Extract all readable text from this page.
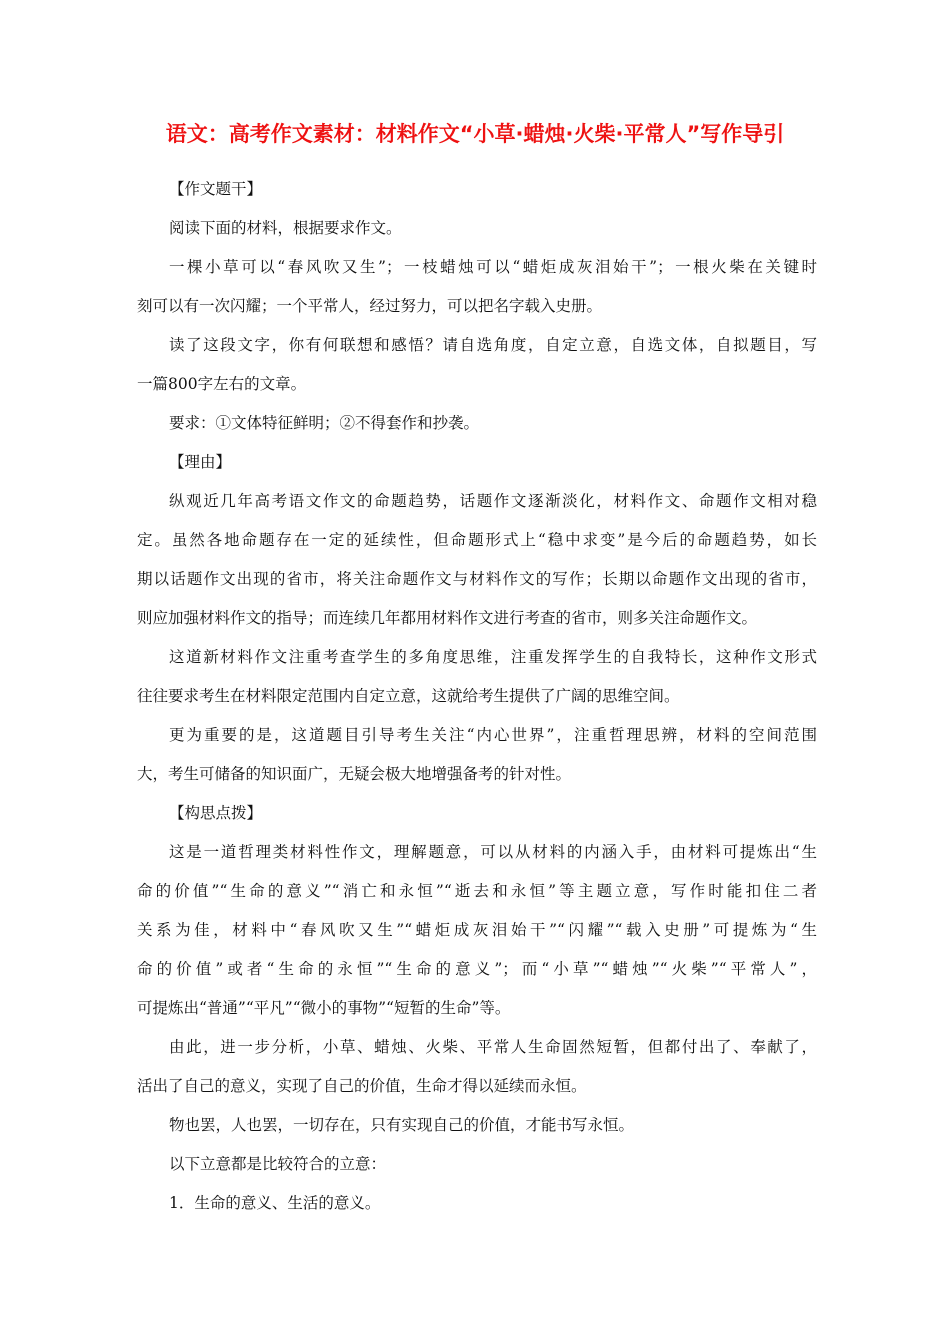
语文：高考作文素材：材料作文“小草·蜡烛·火柴·平常人”写作导引
【作文题干】
阅读下面的材料，根据要求作文。
一棵小草可以“春风吹又生”；一枝蜡烛可以“蜡炬成灰泪始干”；一根火柴在关键时
刻可以有一次闪耀；一个平常人，经过努力，可以把名字载入史册。
读了这段文字，你有何联想和感悟？请自选角度，自定立意，自选文体，自拟题目，写
一篇800字左右的文章。
要求：①文体特征鲜明；②不得套作和抄袭。
【理由】
纵观近几年高考语文作文的命题趋势，话题作文逐渐淡化，材料作文、命题作文相对稳
定。虽然各地命题存在一定的延续性，但命题形式上“稳中求变”是今后的命题趋势，如长
期以话题作文出现的省市，将关注命题作文与材料作文的写作；长期以命题作文出现的省市，
则应加强材料作文的指导；而连续几年都用材料作文进行考查的省市，则多关注命题作文。
这道新材料作文注重考查学生的多角度思维，注重发挥学生的自我特长，这种作文形式
往往要求考生在材料限定范围内自定立意，这就给考生提供了广阔的思维空间。
更为重要的是，这道题目引导考生关注“内心世界”，注重哲理思辨，材料的空间范围
大，考生可储备的知识面广，无疑会极大地增强备考的针对性。
【构思点拨】
这是一道哲理类材料性作文，理解题意，可以从材料的内涵入手，由材料可提炼出“生
命的价值”“生命的意义”“消亡和永恒”“逝去和永恒”等主题立意，写作时能扣住二者
关系为佳，材料中“春风吹又生”“蜡炬成灰泪始干”“闪耀”“载入史册”可提炼为“生
命的价值”或者“生命的永恒”“生命的意义”；而“小草”“蜡烛”“火柴”“平常人”，
可提炼出“普通”“平凡”“微小的事物”“短暂的生命”等。
由此，进一步分析，小草、蜡烛、火柴、平常人生命固然短暂，但都付出了、奉献了，
活出了自己的意义，实现了自己的价值，生命才得以延续而永恒。
物也罢，人也罢，一切存在，只有实现自己的价值，才能书写永恒。
以下立意都是比较符合的立意：
1．生命的意义、生活的意义。
